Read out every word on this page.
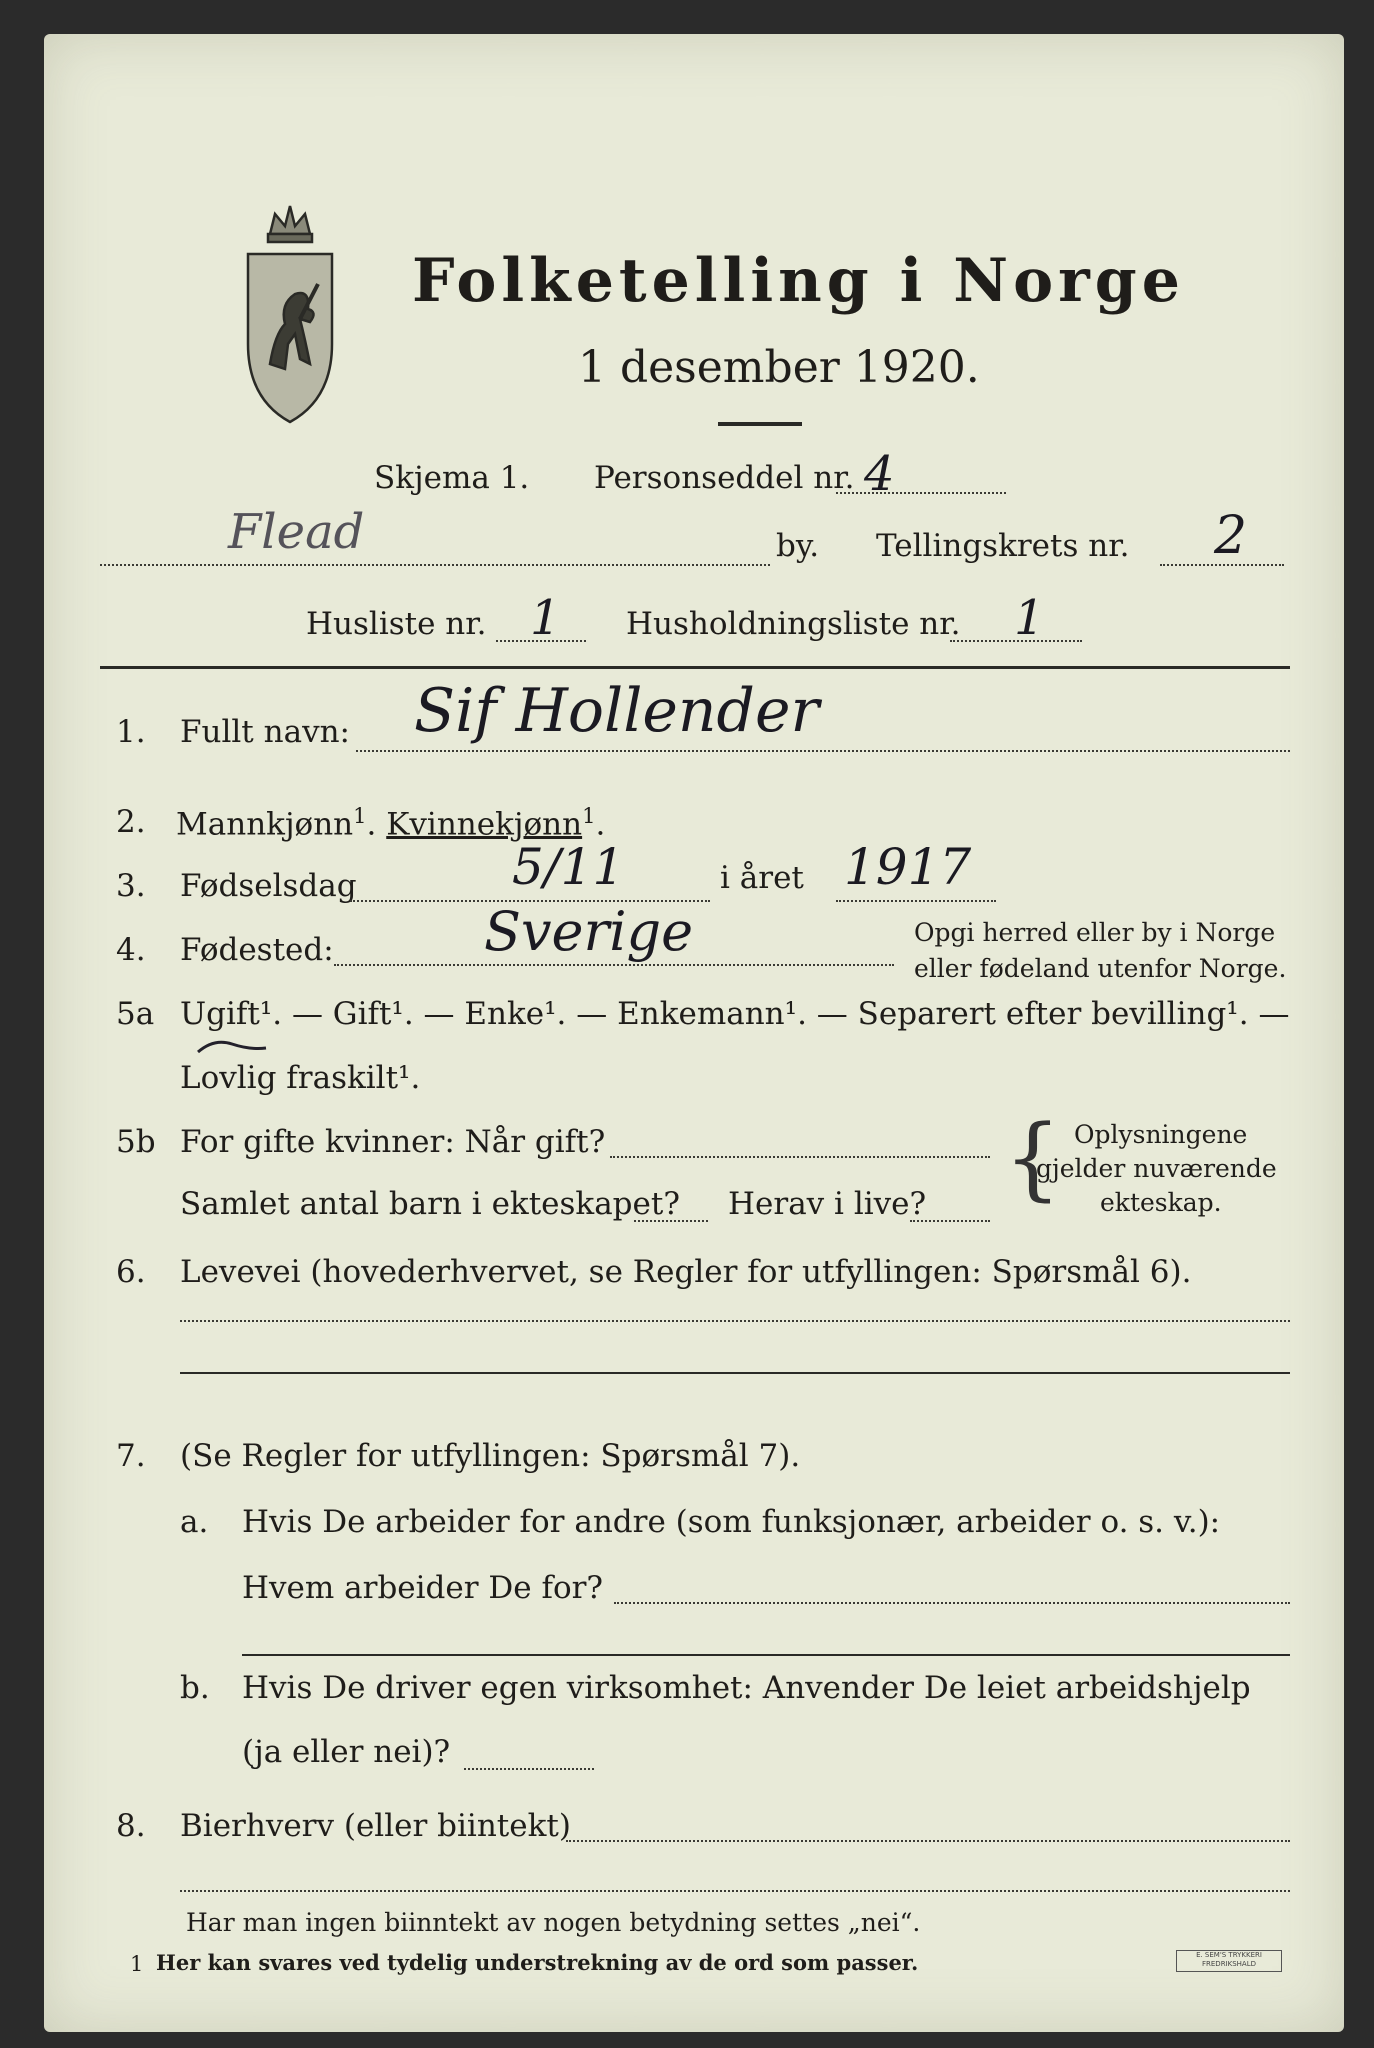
Folketelling i Norge
1 desember 1920.
Skjema 1. Personseddel nr. 4
Flead	by. Tellingskrets nr. 2
Husliste nr. 1 Husholdningsliste nr. 1
1. Fullt navn: Sif Hollender
2. Mannkjønn$^1$. Kvinnekjønn$^1$.
3. Fødselsdag	5/11	i året 1917
4. Fødested:	Sverige	Opgi herred eller by i Norge
eller fødeland utenfor Norge.
5a Ugift¹. — Gift¹. — Enke¹. — Enkemann¹. — Separert efter bevilling¹. —
Lovlig fraskilt¹.
5b For gifte kvinner: Når gift?
Samlet antal barn i ekteskapet? Herav i live? { Oplysningene
gjelder nuværende
ekteskap.
6. Levevei (hovederhvervet, se Regler for utfyllingen: Spørsmål 6).
7. (Se Regler for utfyllingen: Spørsmål 7).
a. Hvis De arbeider for andre (som funksjonær, arbeider o. s. v.):
Hvem arbeider De for?
b. Hvis De driver egen virksomhet: Anvender De leiet arbeidshjelp
(ja eller nei)?
8. Bierhverv (eller biintekt)
Har man ingen biinntekt av nogen betydning settes „nei“.
1 Her kan svares ved tydelig understrekning av de ord som passer.	E. SEM'S TRYKKERI
FREDRIKSHALD
